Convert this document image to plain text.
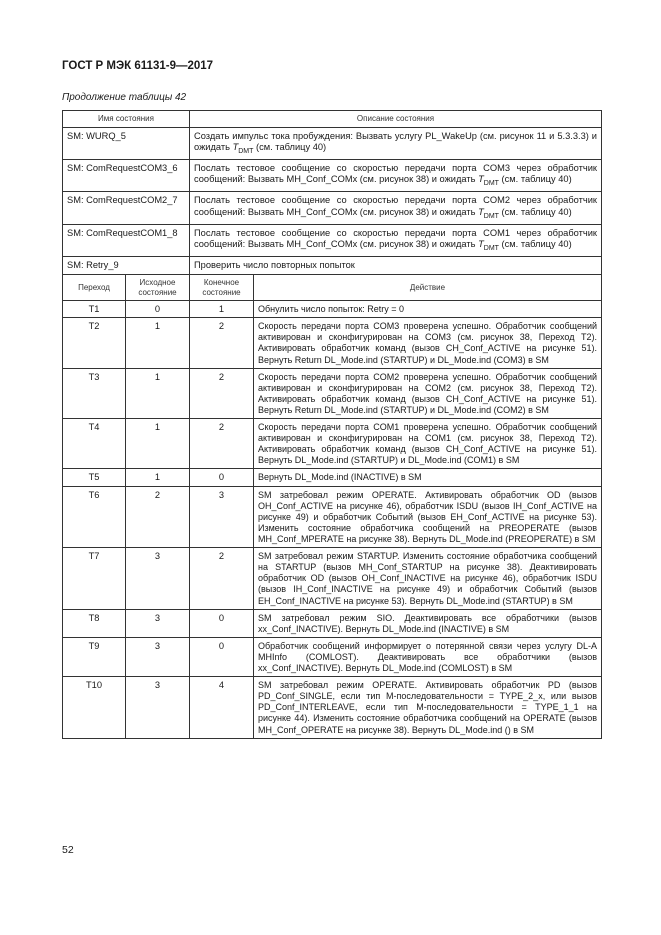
ГОСТ Р МЭК 61131-9—2017
Продолжение таблицы 42
Имя состояния	Описание состояния
SM: WURQ_5	Создать импульс тока пробуждения: Вызвать услугу PL_WakeUp (см. рисунок 11 и 5.3.3.3) и ожидать $T_{DMT}$ (см. таблицу 40)
SM: ComRequestCOM3_6	Послать тестовое сообщение со скоростью передачи порта COM3 через обработчик сообщений: Вызвать MH_Conf_COMx (см. рисунок 38) и ожидать $T_{DMT}$ (см. таблицу 40)
SM: ComRequestCOM2_7	Послать тестовое сообщение со скоростью передачи порта COM2 через обработчик сообщений: Вызвать MH_Conf_COMx (см. рисунок 38) и ожидать $T_{DMT}$ (см. таблицу 40)
SM: ComRequestCOM1_8	Послать тестовое сообщение со скоростью передачи порта COM1 через обработчик сообщений: Вызвать MH_Conf_COMx (см. рисунок 38) и ожидать $T_{DMT}$ (см. таблицу 40)
SM: Retry_9	Проверить число повторных попыток
Переход	Исходное состояние	Конечное состояние	Действие
T1	0	1	Обнулить число попыток: Retry = 0
T2	1	2	Скорость передачи порта COM3 проверена успешно. Обработчик сообщений активирован и сконфигурирован на COM3 (см. рисунок 38, Переход T2). Активировать обработчик команд (вызов CH_Conf_ACTIVE на рисунке 51). Вернуть Return DL_Mode.ind (STARTUP) и DL_Mode.ind (COM3) в SM
T3	1	2	Скорость передачи порта COM2 проверена успешно. Обработчик сообщений активирован и сконфигурирован на COM2 (см. рисунок 38, Переход T2). Активировать обработчик команд (вызов CH_Conf_ACTIVE на рисунке 51). Вернуть Return DL_Mode.ind (STARTUP) и DL_Mode.ind (COM2) в SM
T4	1	2	Скорость передачи порта COM1 проверена успешно. Обработчик сообщений активирован и сконфигурирован на COM1 (см. рисунок 38, Переход T2). Активировать обработчик команд (вызов CH_Conf_ACTIVE на рисунке 51). Вернуть DL_Mode.ind (STARTUP) и DL_Mode.ind (COM1) в SM
T5	1	0	Вернуть DL_Mode.ind (INACTIVE) в SM
T6	2	3	SM затребовал режим OPERATE. Активировать обработчик OD (вызов OH_Conf_ACTIVE на рисунке 46), обработчик ISDU (вызов IH_Conf_ACTIVE на рисунке 49) и обработчик Событий (вызов EH_Conf_ACTIVE на рисунке 53). Изменить состояние обработчика сообщений на PREOPERATE (вызов MH_Conf_MPERATE на рисунке 38). Вернуть DL_Mode.ind (PREOPERATE) в SM
T7	3	2	SM затребовал режим STARTUP. Изменить состояние обработчика сообщений на STARTUP (вызов MH_Conf_STARTUP на рисунке 38). Деактивировать обработчик OD (вызов OH_Conf_INACTIVE на рисунке 46), обработчик ISDU (вызов IH_Conf_INACTIVE на рисунке 49) и обработчик Событий (вызов EH_Conf_INACTIVE на рисунке 53). Вернуть DL_Mode.ind (STARTUP) в SM
T8	3	0	SM затребовал режим SIO. Деактивировать все обработчики (вызов xx_Conf_INACTIVE). Вернуть DL_Mode.ind (INACTIVE) в SM
T9	3	0	Обработчик сообщений информирует о потерянной связи через услугу DL-A MHInfo (COMLOST). Деактивировать все обработчики (вызов xx_Conf_INACTIVE). Вернуть DL_Mode.ind (COMLOST) в SM
T10	3	4	SM затребовал режим OPERATE. Активировать обработчик PD (вызов PD_Conf_SINGLE, если тип M-последовательности = TYPE_2_x, или вызов PD_Conf_INTERLEAVE, если тип M-последовательности = TYPE_1_1 на рисунке 44). Изменить состояние обработчика сообщений на OPERATE (вызов MH_Conf_OPERATE на рисунке 38). Вернуть DL_Mode.ind () в SM
52
